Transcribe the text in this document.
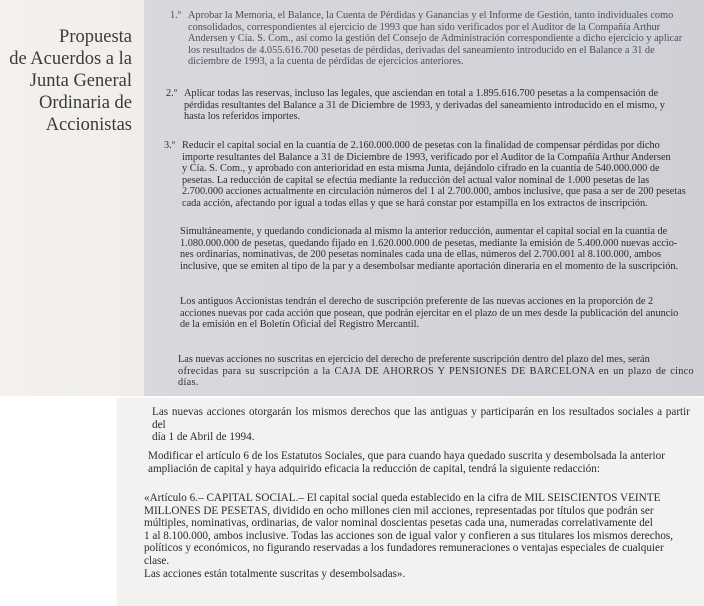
Propuesta
de Acuerdos a la
Junta General
Ordinaria de
Accionistas
1.º Aprobar la Memoria, el Balance, la Cuenta de Pérdidas y Ganancias y el Informe de Gestión, tanto individuales como
consolidados, correspondientes al ejercicio de 1993 que han sido verificados por el Auditor de la Compañía Arthur
Andersen y Cía. S. Com., así como la gestión del Consejo de Administración correspondiente a dicho ejercicio y aplicar
los resultados de 4.055.616.700 pesetas de pérdidas, derivadas del saneamiento introducido en el Balance a 31 de
diciembre de 1993, a la cuenta de pérdidas de ejercicios anteriores.
2.º Aplicar todas las reservas, incluso las legales, que asciendan en total a 1.895.616.700 pesetas a la compensación de
pérdidas resultantes del Balance a 31 de Diciembre de 1993, y derivadas del saneamiento introducido en el mismo, y
hasta los referidos importes.
3.º Reducir el capital social en la cuantía de 2.160.000.000 de pesetas con la finalidad de compensar pérdidas por dicho
importe resultantes del Balance a 31 de Diciembre de 1993, verificado por el Auditor de la Compañía Arthur Andersen
y Cía. S. Com., y aprobado con anterioridad en esta misma Junta, dejándolo cifrado en la cuantía de 540.000.000 de
pesetas. La reducción de capital se efectúa mediante la reducción del actual valor nominal de 1.000 pesetas de las
2.700.000 acciones actualmente en circulación números del 1 al 2.700.000, ambos inclusive, que pasa a ser de 200 pesetas
cada acción, afectando por igual a todas ellas y que se hará constar por estampilla en los extractos de inscripción.
Simultáneamente, y quedando condicionada al mismo la anterior reducción, aumentar el capital social en la cuantía de
1.080.000.000 de pesetas, quedando fijado en 1.620.000.000 de pesetas, mediante la emisión de 5.400.000 nuevas accio-
nes ordinarias, nominativas, de 200 pesetas nominales cada una de ellas, números del 2.700.001 al 8.100.000, ambos
inclusive, que se emiten al tipo de la par y a desembolsar mediante aportación dineraria en el momento de la suscripción.
Los antiguos Accionistas tendrán el derecho de suscripción preferente de las nuevas acciones en la proporción de 2
acciones nuevas por cada acción que posean, que podrán ejercitar en el plazo de un mes desde la publicación del anuncio
de la emisión en el Boletín Oficial del Registro Mercantil.
Las nuevas acciones no suscritas en ejercicio del derecho de preferente suscripción dentro del plazo del mes, serán
ofrecidas para su suscripción a la CAJA DE AHORROS Y PENSIONES DE BARCELONA en un plazo de cinco días.
Las nuevas acciones otorgarán los mismos derechos que las antiguas y participarán en los resultados sociales a partir del
día 1 de Abril de 1994.
Modificar el artículo 6 de los Estatutos Sociales, que para cuando haya quedado suscrita y desembolsada la anterior
ampliación de capital y haya adquirido eficacia la reducción de capital, tendrá la siguiente redacción:
«Artículo 6.– CAPITAL SOCIAL.– El capital social queda establecido en la cifra de MIL SEISCIENTOS VEINTE
MILLONES DE PESETAS, dividido en ocho millones cien mil acciones, representadas por títulos que podrán ser
múltiples, nominativas, ordinarias, de valor nominal doscientas pesetas cada una, numeradas correlativamente del
1 al 8.100.000, ambos inclusive. Todas las acciones son de igual valor y confieren a sus titulares los mismos derechos,
políticos y económicos, no figurando reservadas a los fundadores remuneraciones o ventajas especiales de cualquier
clase.
Las acciones están totalmente suscritas y desembolsadas».
